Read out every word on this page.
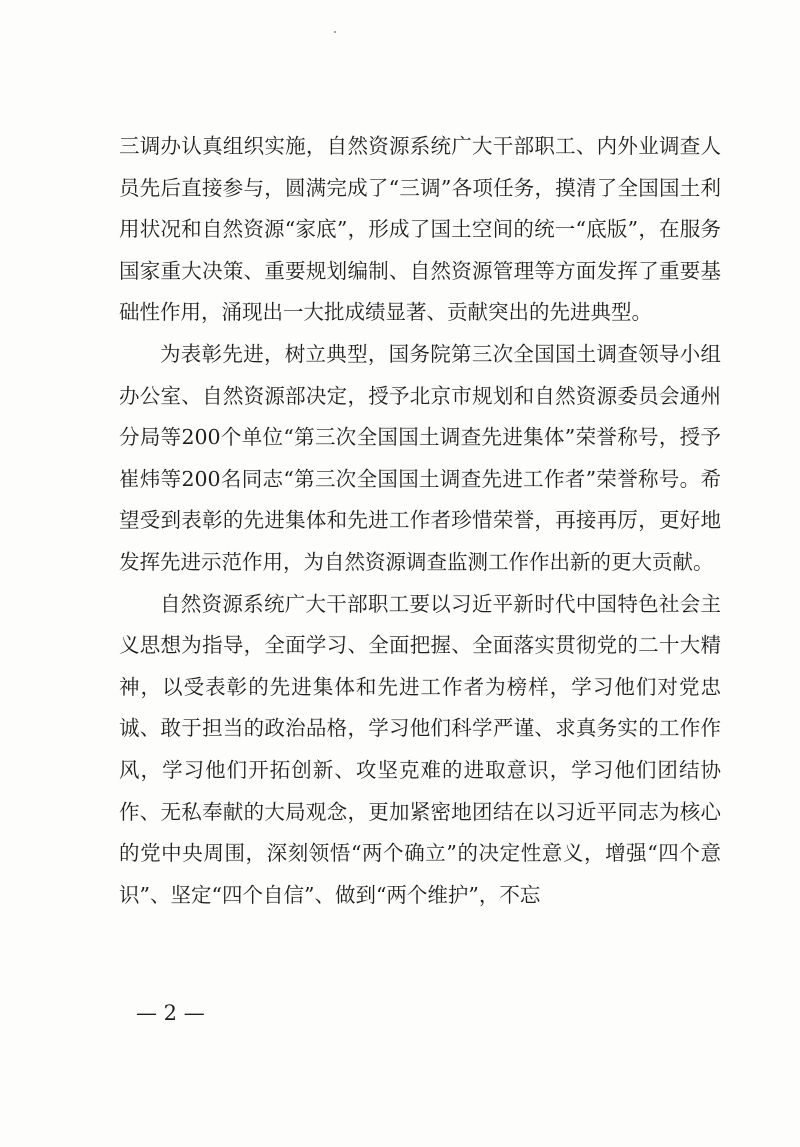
三调办认真组织实施，自然资源系统广大干部职工、内外业调查人员先后直接参与，圆满完成了“三调”各项任务，摸清了全国国土利用状况和自然资源“家底”，形成了国土空间的统一“底版”，在服务国家重大决策、重要规划编制、自然资源管理等方面发挥了重要基础性作用，涌现出一大批成绩显著、贡献突出的先进典型。

为表彰先进，树立典型，国务院第三次全国国土调查领导小组办公室、自然资源部决定，授予北京市规划和自然资源委员会通州分局等200个单位“第三次全国国土调查先进集体”荣誉称号，授予崔炜等200名同志“第三次全国国土调查先进工作者”荣誉称号。希望受到表彰的先进集体和先进工作者珍惜荣誉，再接再厉，更好地发挥先进示范作用，为自然资源调查监测工作作出新的更大贡献。

自然资源系统广大干部职工要以习近平新时代中国特色社会主义思想为指导，全面学习、全面把握、全面落实贯彻党的二十大精神，以受表彰的先进集体和先进工作者为榜样，学习他们对党忠诚、敢于担当的政治品格，学习他们科学严谨、求真务实的工作作风，学习他们开拓创新、攻坚克难的进取意识，学习他们团结协作、无私奉献的大局观念，更加紧密地团结在以习近平同志为核心的党中央周围，深刻领悟“两个确立”的决定性意义，增强“四个意识”、坚定“四个自信”、做到“两个维护”，不忘

— 2 —
